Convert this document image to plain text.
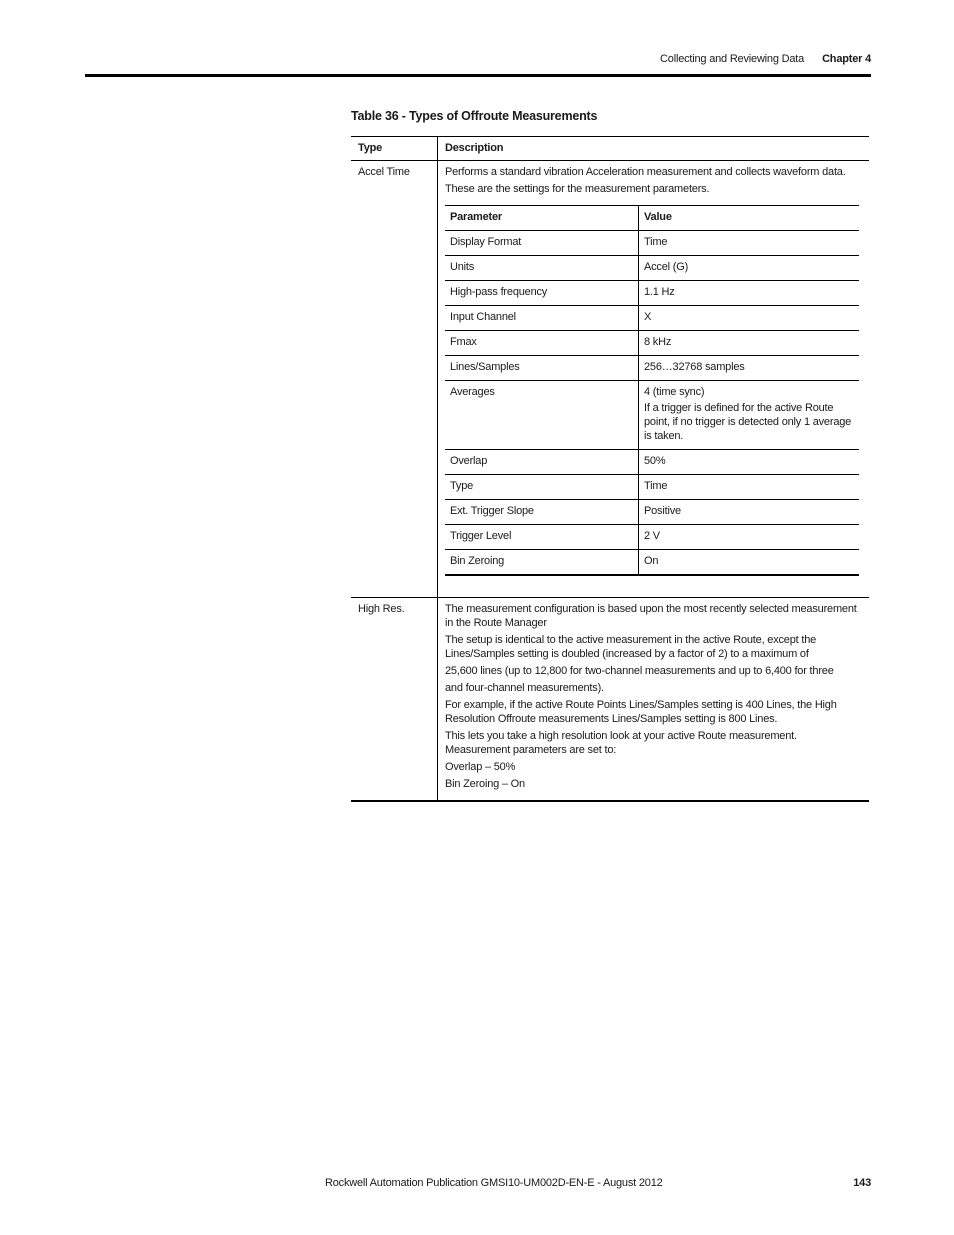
Collecting and Reviewing Data Chapter 4
Table 36 - Types of Offroute Measurements
Type	Description
Accel Time	Performs a standard vibration Acceleration measurement and collects waveform data.

These are the settings for the measurement parameters.

Parameter	Value
Display Format	Time

Units	Accel (G)

High-pass frequency	1.1 Hz

Input Channel	X

Fmax	8 kHz

Lines/Samples	256…32768 samples

Averages	4 (time sync)
If a trigger is defined for the active Route point, if no trigger is detected only 1 average is taken.

Overlap	50%

Type	Time

Ext. Trigger Slope	Positive

Trigger Level	2 V

Bin Zeroing	On

High Res.	The measurement configuration is based upon the most recently selected measurement in the Route Manager

The setup is identical to the active measurement in the active Route, except the Lines/Samples setting is doubled (increased by a factor of 2) to a maximum of

25,600 lines (up to 12,800 for two-channel measurements and up to 6,400 for three

and four-channel measurements).

For example, if the active Route Points Lines/Samples setting is 400 Lines, the High Resolution Offroute measurements Lines/Samples setting is 800 Lines.

This lets you take a high resolution look at your active Route measurement. Measurement parameters are set to:

Overlap – 50%

Bin Zeroing – On

Rockwell Automation Publication GMSI10-UM002D-EN-E - August 2012	143
